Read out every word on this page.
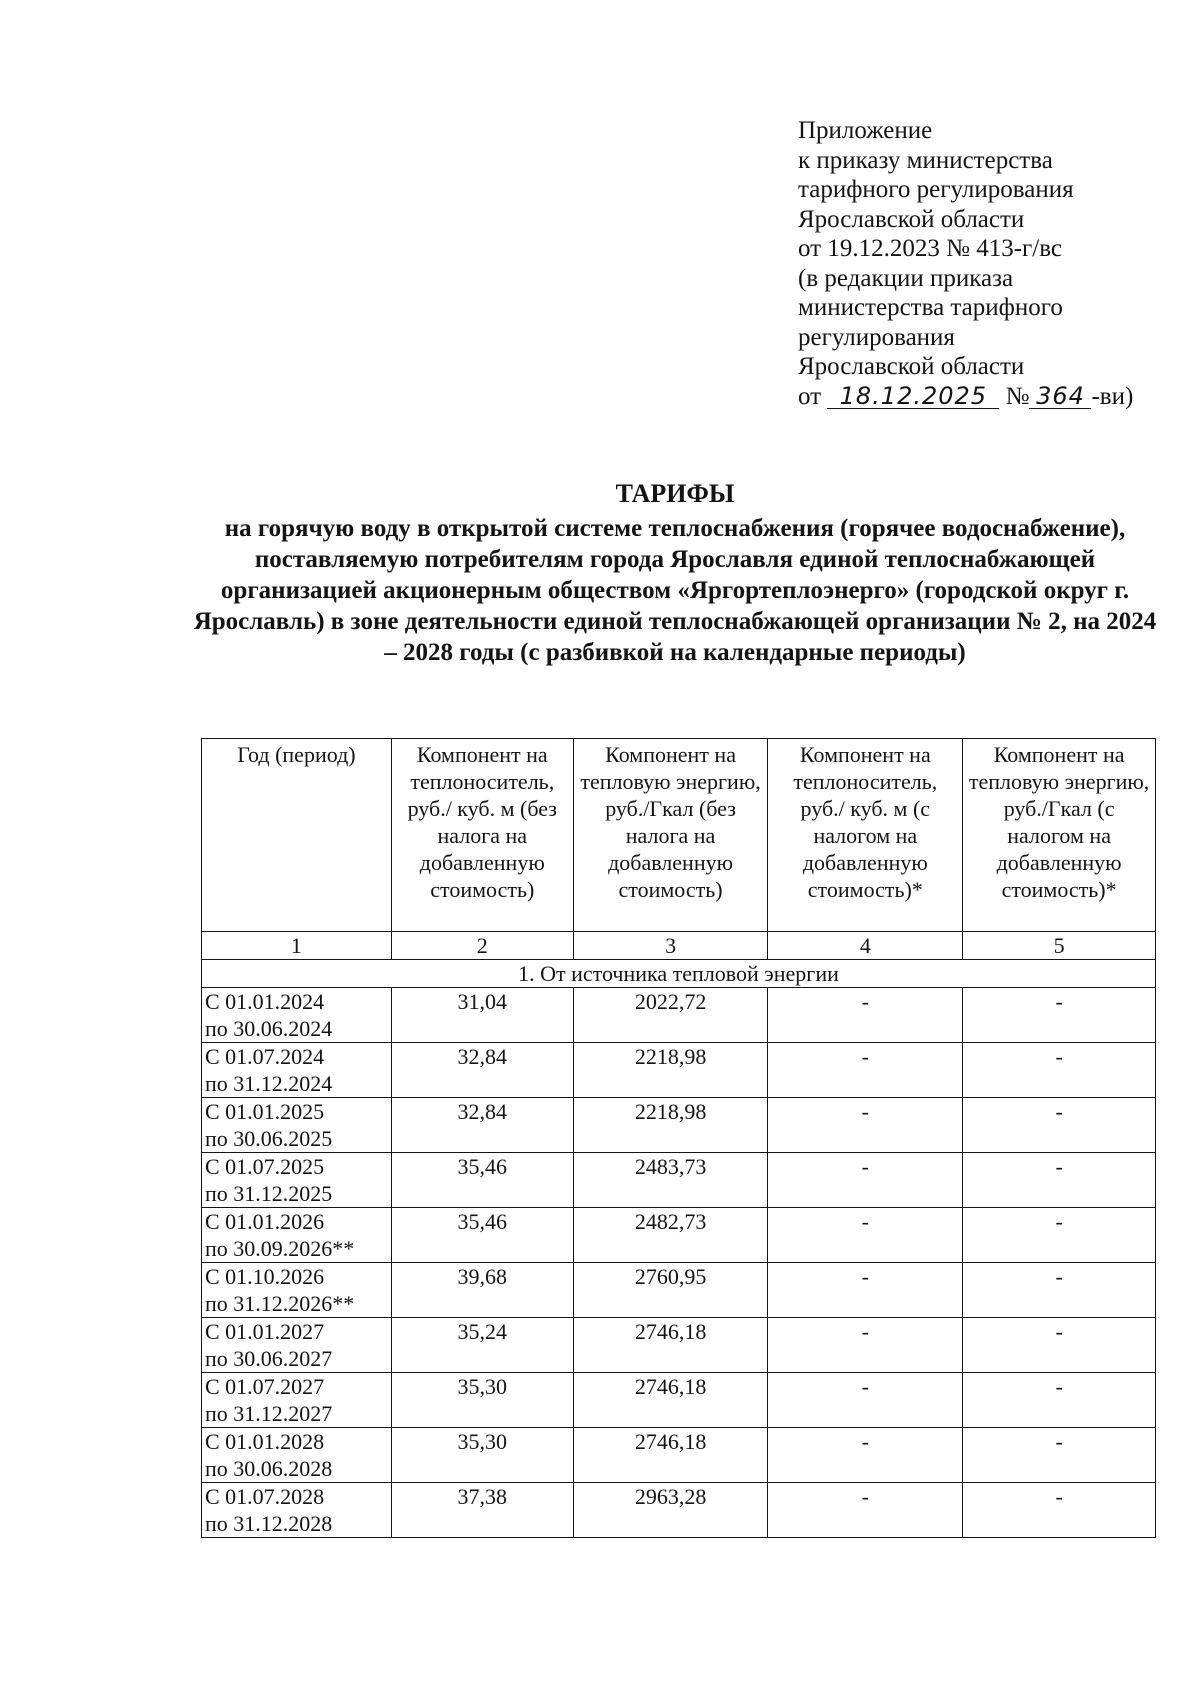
Приложение
к приказу министерства
тарифного регулирования
Ярославской области
от 19.12.2023 № 413-г/вс
(в редакции приказа
министерства тарифного
регулирования
Ярославской области
от 18.12.2025 № 364 -ви)
ТАРИФЫ
на горячую воду в открытой системе теплоснабжения (горячее водоснабжение), поставляемую потребителям города Ярославля единой теплоснабжающей организацией акционерным обществом «Яргортеплоэнерго» (городской округ г. Ярославль) в зоне деятельности единой теплоснабжающей организации № 2, на 2024 – 2028 годы (с разбивкой на календарные периоды)
Год (период)	Компонент на теплоноситель, руб./ куб. м (без налога на добавленную стоимость)	Компонент на тепловую энергию, руб./Гкал (без налога на добавленную стоимость)	Компонент на теплоноситель, руб./ куб. м (с налогом на добавленную стоимость)*	Компонент на тепловую энергию, руб./Гкал (с налогом на добавленную стоимость)*
1	2	3	4	5
1. От источника тепловой энергии				

С 01.01.2024
по 30.06.2024	31,04	2022,72	-	-

С 01.07.2024
по 31.12.2024	32,84	2218,98	-	-

С 01.01.2025
по 30.06.2025	32,84	2218,98	-	-

С 01.07.2025
по 31.12.2025	35,46	2483,73	-	-

С 01.01.2026
по 30.09.2026**	35,46	2482,73	-	-

С 01.10.2026
по 31.12.2026**	39,68	2760,95	-	-

С 01.01.2027
по 30.06.2027	35,24	2746,18	-	-

С 01.07.2027
по 31.12.2027	35,30	2746,18	-	-

С 01.01.2028
по 30.06.2028	35,30	2746,18	-	-

С 01.07.2028
по 31.12.2028	37,38	2963,28	-	-
